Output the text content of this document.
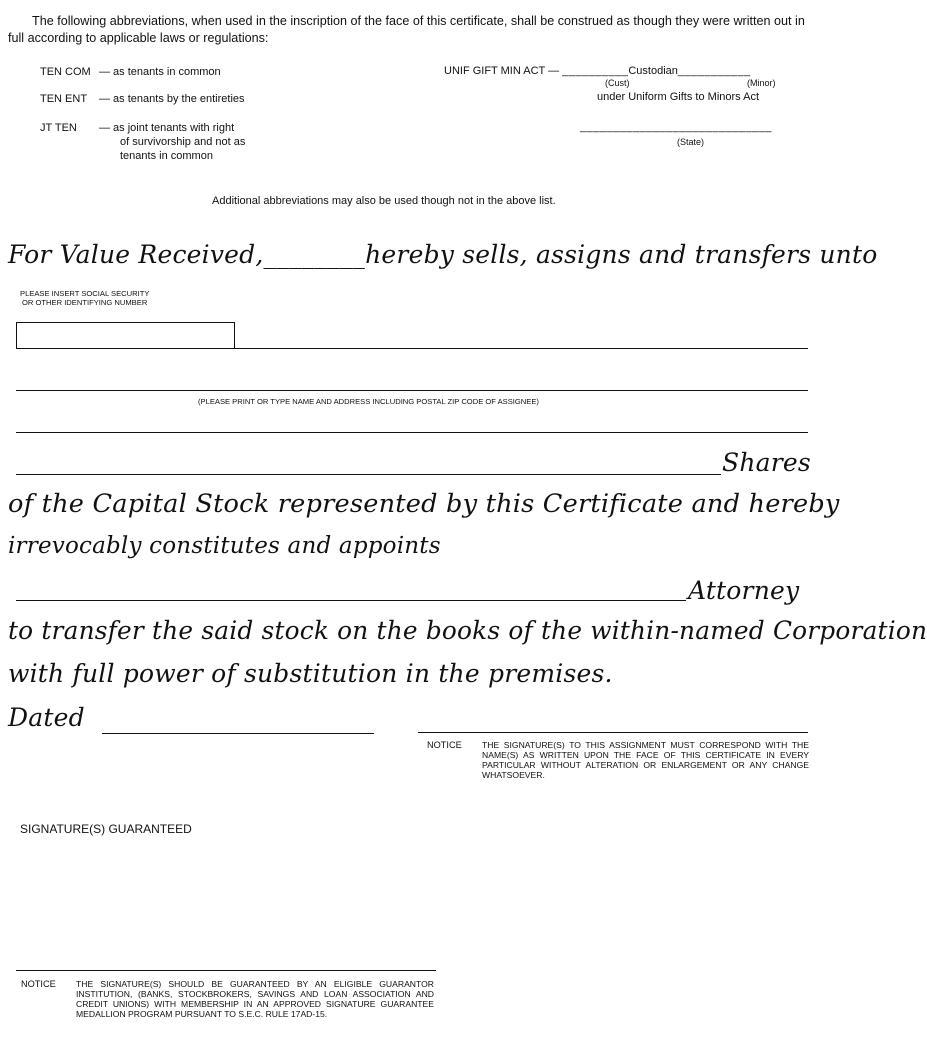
The following abbreviations, when used in the inscription of the face of this certificate, shall be construed as though they were written out in full according to applicable laws or regulations:

TEN COM — as tenants in common
TEN ENT — as tenants by the entireties
JT TEN — as joint tenants with right
of survivorship and not as
tenants in common
UNIF GIFT MIN ACT — __________Custodian___________
(Cust)	(Minor)
under Uniform Gifts to Minors Act
_____________________________
(State)
Additional abbreviations may also be used though not in the above list.
For Value Received,________hereby sells, assigns and transfers unto
PLEASE INSERT SOCIAL SECURITY
OR OTHER IDENTIFYING NUMBER
(PLEASE PRINT OR TYPE NAME AND ADDRESS INCLUDING POSTAL ZIP CODE OF ASSIGNEE)
Shares
of the Capital Stock represented by this Certificate and hereby
irrevocably constitutes and appoints
Attorney
to transfer the said stock on the books of the within-named Corporation
with full power of substitution in the premises.
Dated
NOTICE THE SIGNATURE(S) TO THIS ASSIGNMENT MUST CORRESPOND WITH THE NAME(S) AS WRITTEN UPON THE FACE OF THIS CERTIFICATE IN EVERY PARTICULAR WITHOUT ALTERATION OR ENLARGEMENT OR ANY CHANGE WHATSOEVER.
SIGNATURE(S) GUARANTEED
NOTICE THE SIGNATURE(S) SHOULD BE GUARANTEED BY AN ELIGIBLE GUARANTOR INSTITUTION, (BANKS, STOCKBROKERS, SAVINGS AND LOAN ASSOCIATION AND CREDIT UNIONS) WITH MEMBERSHIP IN AN APPROVED SIGNATURE GUARANTEE MEDALLION PROGRAM PURSUANT TO S.E.C. RULE 17AD-15.
